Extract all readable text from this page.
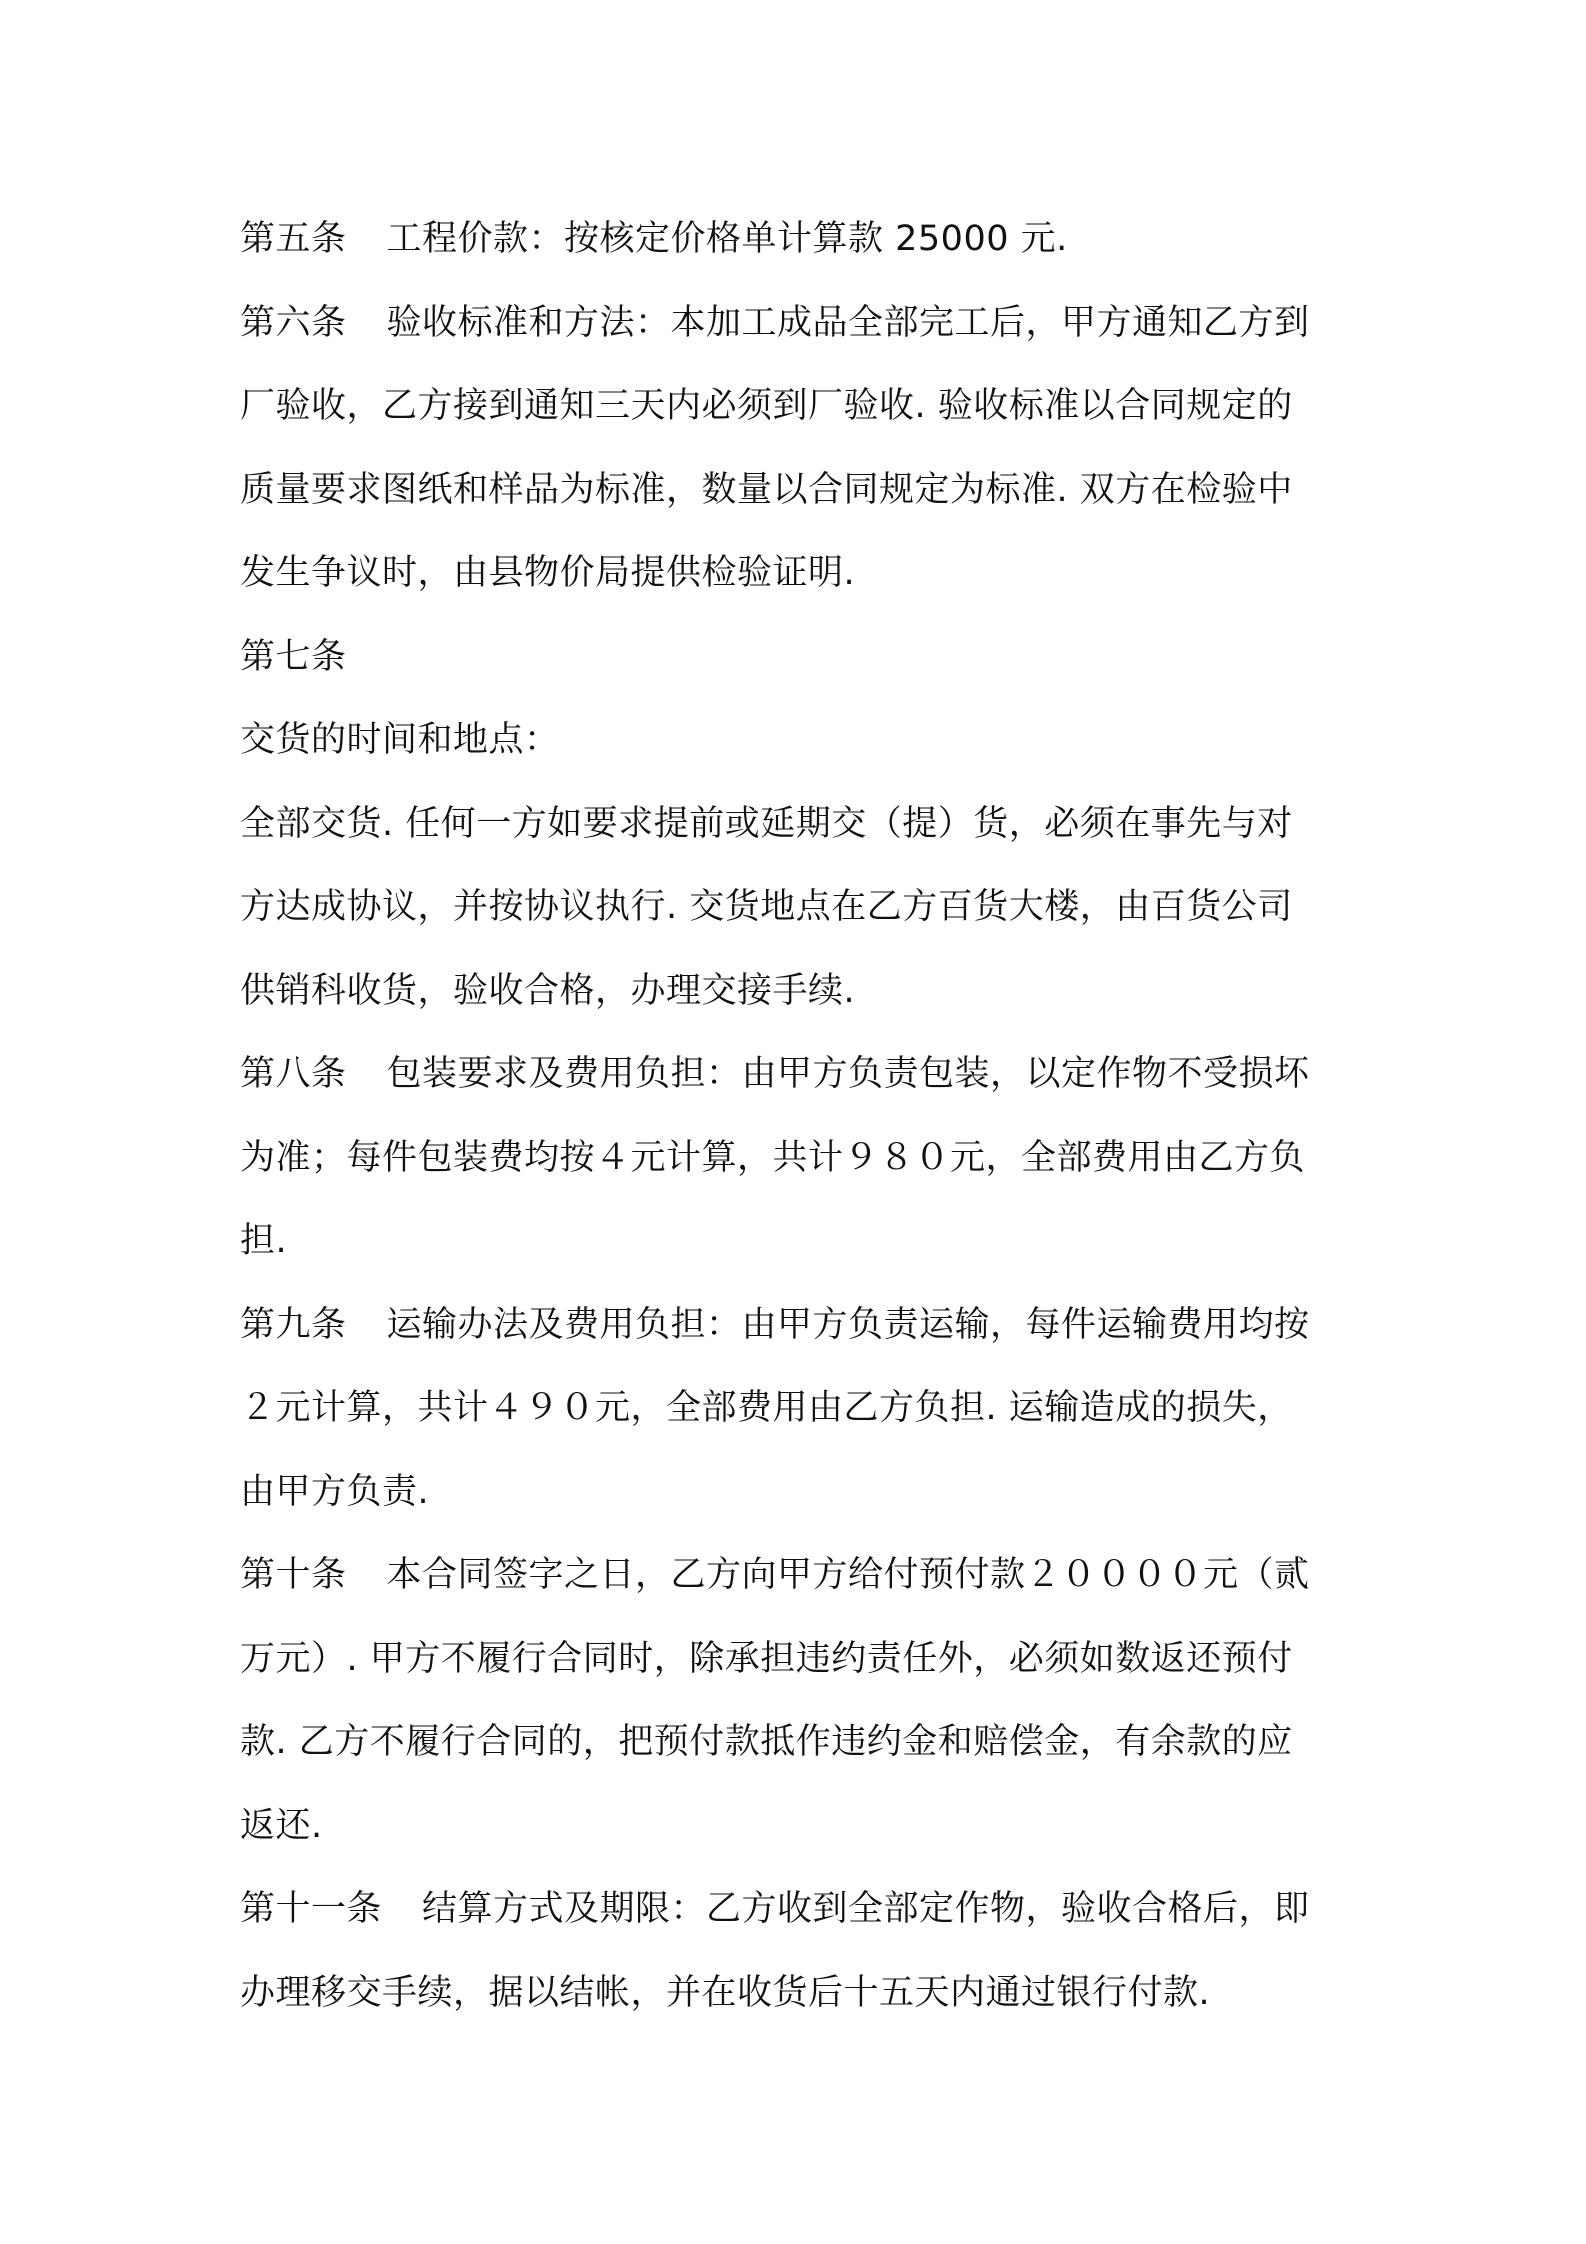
第五条 工程价款：按核定价格单计算款 25000 元.
第六条 验收标准和方法：本加工成品全部完工后，甲方通知乙方到
厂验收，乙方接到通知三天内必须到厂验收. 验收标准以合同规定的
质量要求图纸和样品为标准，数量以合同规定为标准. 双方在检验中
发生争议时，由县物价局提供检验证明.
第七条
交货的时间和地点：
全部交货. 任何一方如要求提前或延期交（提）货，必须在事先与对
方达成协议，并按协议执行. 交货地点在乙方百货大楼，由百货公司
供销科收货，验收合格，办理交接手续.
第八条 包装要求及费用负担：由甲方负责包装，以定作物不受损坏
为准；每件包装费均按４元计算，共计９８０元，全部费用由乙方负
担.
第九条 运输办法及费用负担：由甲方负责运输，每件运输费用均按
２元计算，共计４９０元，全部费用由乙方负担. 运输造成的损失，
由甲方负责.
第十条 本合同签字之日，乙方向甲方给付预付款２００００元（贰
万元）. 甲方不履行合同时，除承担违约责任外，必须如数返还预付
款. 乙方不履行合同的，把预付款抵作违约金和赔偿金，有余款的应
返还.
第十一条 结算方式及期限：乙方收到全部定作物，验收合格后，即
办理移交手续，据以结帐，并在收货后十五天内通过银行付款.
